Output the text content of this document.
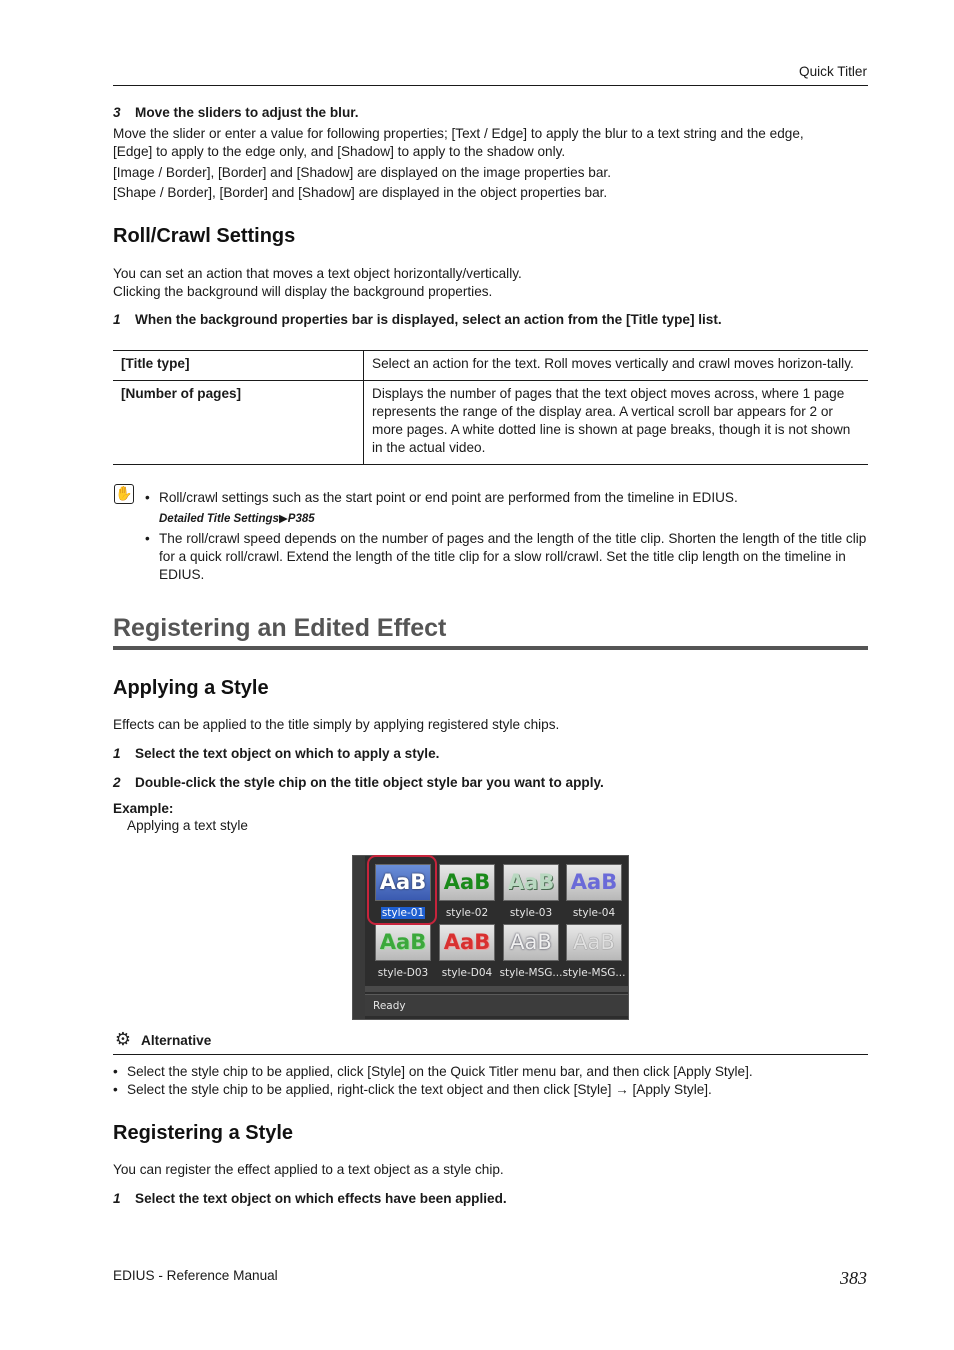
Quick Titler
3 Move the sliders to adjust the blur.
Move the slider or enter a value for following properties; [Text / Edge] to apply the blur to a text string and the edge,
[Edge] to apply to the edge only, and [Shadow] to apply to the shadow only.
[Image / Border], [Border] and [Shadow] are displayed on the image properties bar.
[Shape / Border], [Border] and [Shadow] are displayed in the object properties bar.
Roll/Crawl Settings
You can set an action that moves a text object horizontally/vertically.
Clicking the background will display the background properties.
1 When the background properties bar is displayed, select an action from the [Title type] list.
[Title type]	Select an action for the text. Roll moves vertically and crawl moves horizon-tally.
[Number of pages]	Displays the number of pages that the text object moves across, where 1 page represents the range of the display area. A vertical scroll bar appears for 2 or more pages. A white dotted line is shown at page breaks, though it is not shown in the actual video.
✋	• Roll/crawl settings such as the start point or end point are performed from the timeline in EDIUS.
Detailed Title Settings▶P385
• The roll/crawl speed depends on the number of pages and the length of the title clip. Shorten the length of the title clip for a quick roll/crawl. Extend the length of the title clip for a slow roll/crawl. Set the title clip length on the timeline in EDIUS.
Registering an Edited Effect
Applying a Style
Effects can be applied to the title simply by applying registered style chips.
1 Select the text object on which to apply a style.
2 Double-click the style chip on the title object style bar you want to apply.
Example:
Applying a text style
AaB
style-01
AaB
style-02
AaB
style-03
AaB
style-04
AaB
style-D03
AaB
style-D04
AaB
style-MSG...
AaB
style-MSG...
Ready
⚙ Alternative
• Select the style chip to be applied, click [Style] on the Quick Titler menu bar, and then click [Apply Style].
• Select the style chip to be applied, right-click the text object and then click [Style] → [Apply Style].
Registering a Style
You can register the effect applied to a text object as a style chip.
1 Select the text object on which effects have been applied.
EDIUS - Reference Manual	383
